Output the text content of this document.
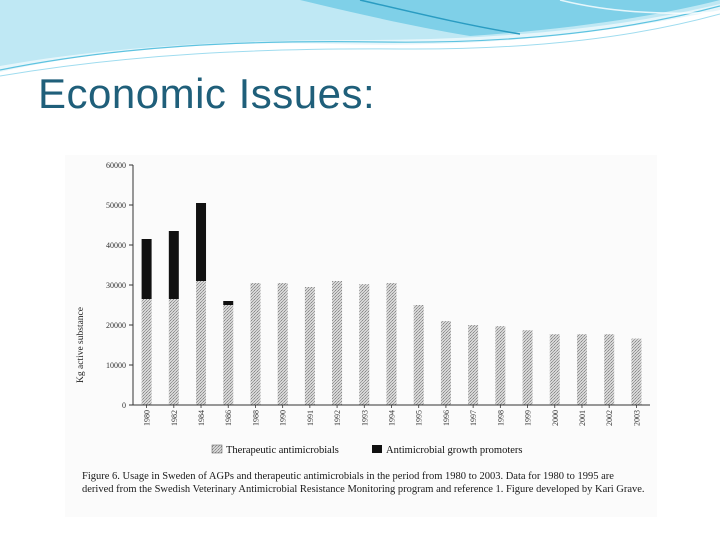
Economic Issues:
0
10000
20000
30000
40000
50000
60000
1980 1982 1984 1986 1988 1990 1991 1992 1993 1994 1995 1996 1997 1998 1999 2000 2001 2002 2003
Kg active substance
Therapeutic antimicrobials	Antimicrobial growth promoters

Figure 6. Usage in Sweden of AGPs and therapeutic antimicrobials in the period from 1980 to 2003. Data for 1980 to 1995 are derived from the Swedish Veterinary Antimicrobial Resistance Monitoring program and reference 1. Figure developed by Kari Grave.
